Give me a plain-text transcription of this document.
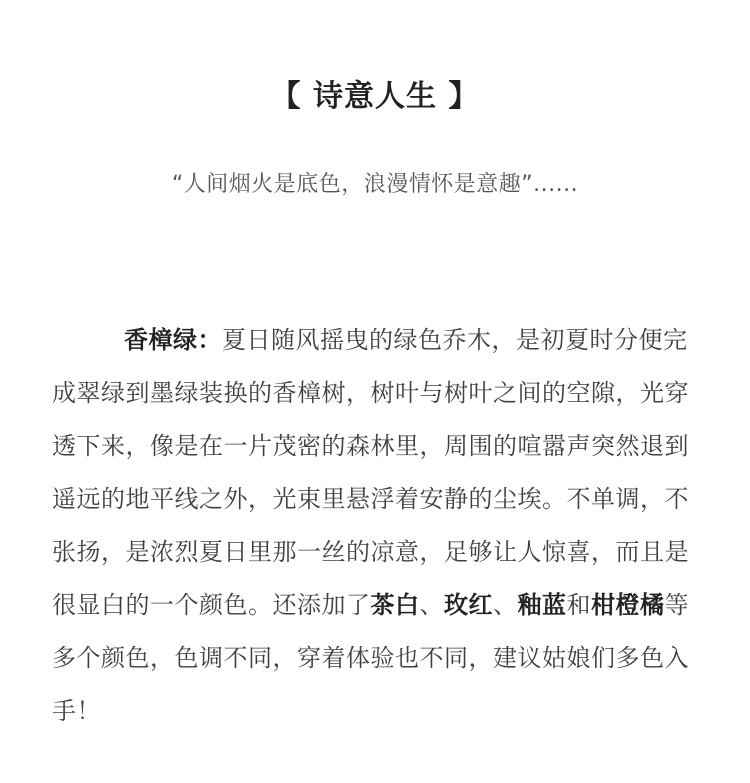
【 诗意人生 】
“人间烟火是底色，浪漫情怀是意趣”......

香樟绿：夏日随风摇曳的绿色乔木，是初夏时分便完成翠绿到墨绿装换的香樟树，树叶与树叶之间的空隙，光穿透下来，像是在一片茂密的森林里，周围的喧嚣声突然退到遥远的地平线之外，光束里悬浮着安静的尘埃。不单调，不张扬，是浓烈夏日里那一丝的凉意，足够让人惊喜，而且是很显白的一个颜色。还添加了茶白、玫红、釉蓝和柑橙橘等多个颜色，色调不同，穿着体验也不同，建议姑娘们多色入手！
